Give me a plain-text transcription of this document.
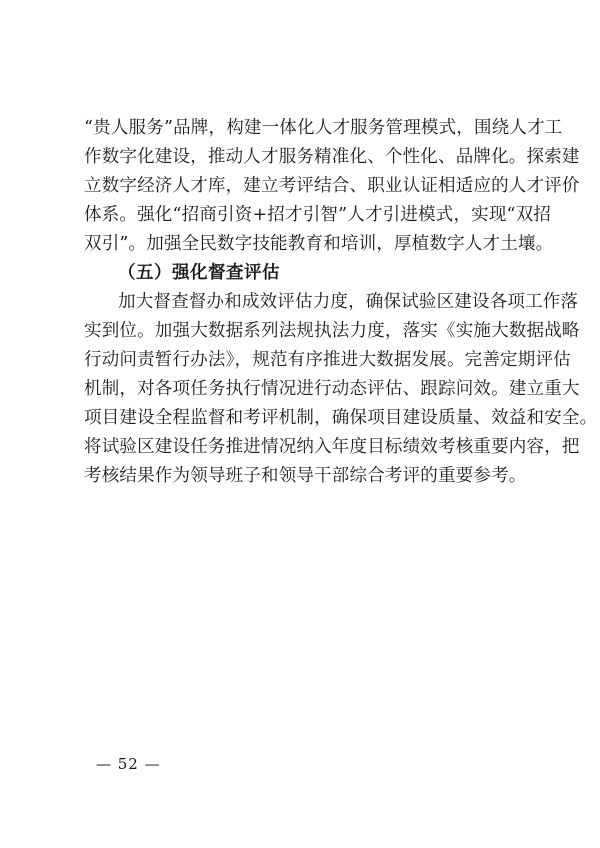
“贵人服务”品牌，构建一体化人才服务管理模式，围绕人才工
作数字化建设，推动人才服务精准化、个性化、品牌化。探索建
立数字经济人才库，建立考评结合、职业认证相适应的人才评价
体系。强化“招商引资+招才引智”人才引进模式，实现“双招
双引”。加强全民数字技能教育和培训，厚植数字人才土壤。
（五）强化督查评估
加大督查督办和成效评估力度，确保试验区建设各项工作落
实到位。加强大数据系列法规执法力度，落实《实施大数据战略
行动问责暂行办法》，规范有序推进大数据发展。完善定期评估
机制，对各项任务执行情况进行动态评估、跟踪问效。建立重大
项目建设全程监督和考评机制，确保项目建设质量、效益和安全。
将试验区建设任务推进情况纳入年度目标绩效考核重要内容，把
考核结果作为领导班子和领导干部综合考评的重要参考。
— 52 —
